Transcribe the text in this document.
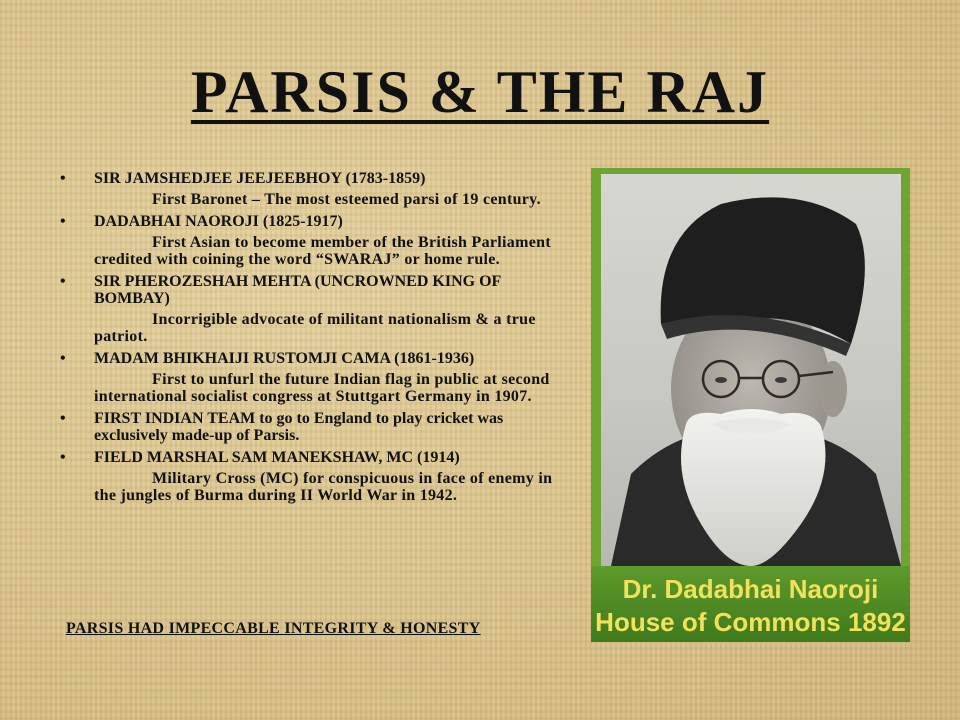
PARSIS & THE RAJ
• SIR JAMSHEDJEE JEEJEEBHOY (1783-1859)
First Baronet – The most esteemed parsi of 19 century.
• DADABHAI NAOROJI (1825-1917)
First Asian to become member of the British Parliament credited with coining the word “SWARAJ” or home rule.
• SIR PHEROZESHAH MEHTA (UNCROWNED KING OF BOMBAY)
Incorrigible advocate of militant nationalism & a true patriot.
• MADAM BHIKHAIJI RUSTOMJI CAMA (1861-1936)
First to unfurl the future Indian flag in public at second international socialist congress at Stuttgart Germany in 1907.
• FIRST INDIAN TEAM to go to England to play cricket was exclusively made-up of Parsis.
• FIELD MARSHAL SAM MANEKSHAW, MC (1914)
Military Cross (MC) for conspicuous in face of enemy in the jungles of Burma during II World War in 1942.
PARSIS HAD IMPECCABLE INTEGRITY & HONESTY
Dr. Dadabhai Naoroji
House of Commons 1892
